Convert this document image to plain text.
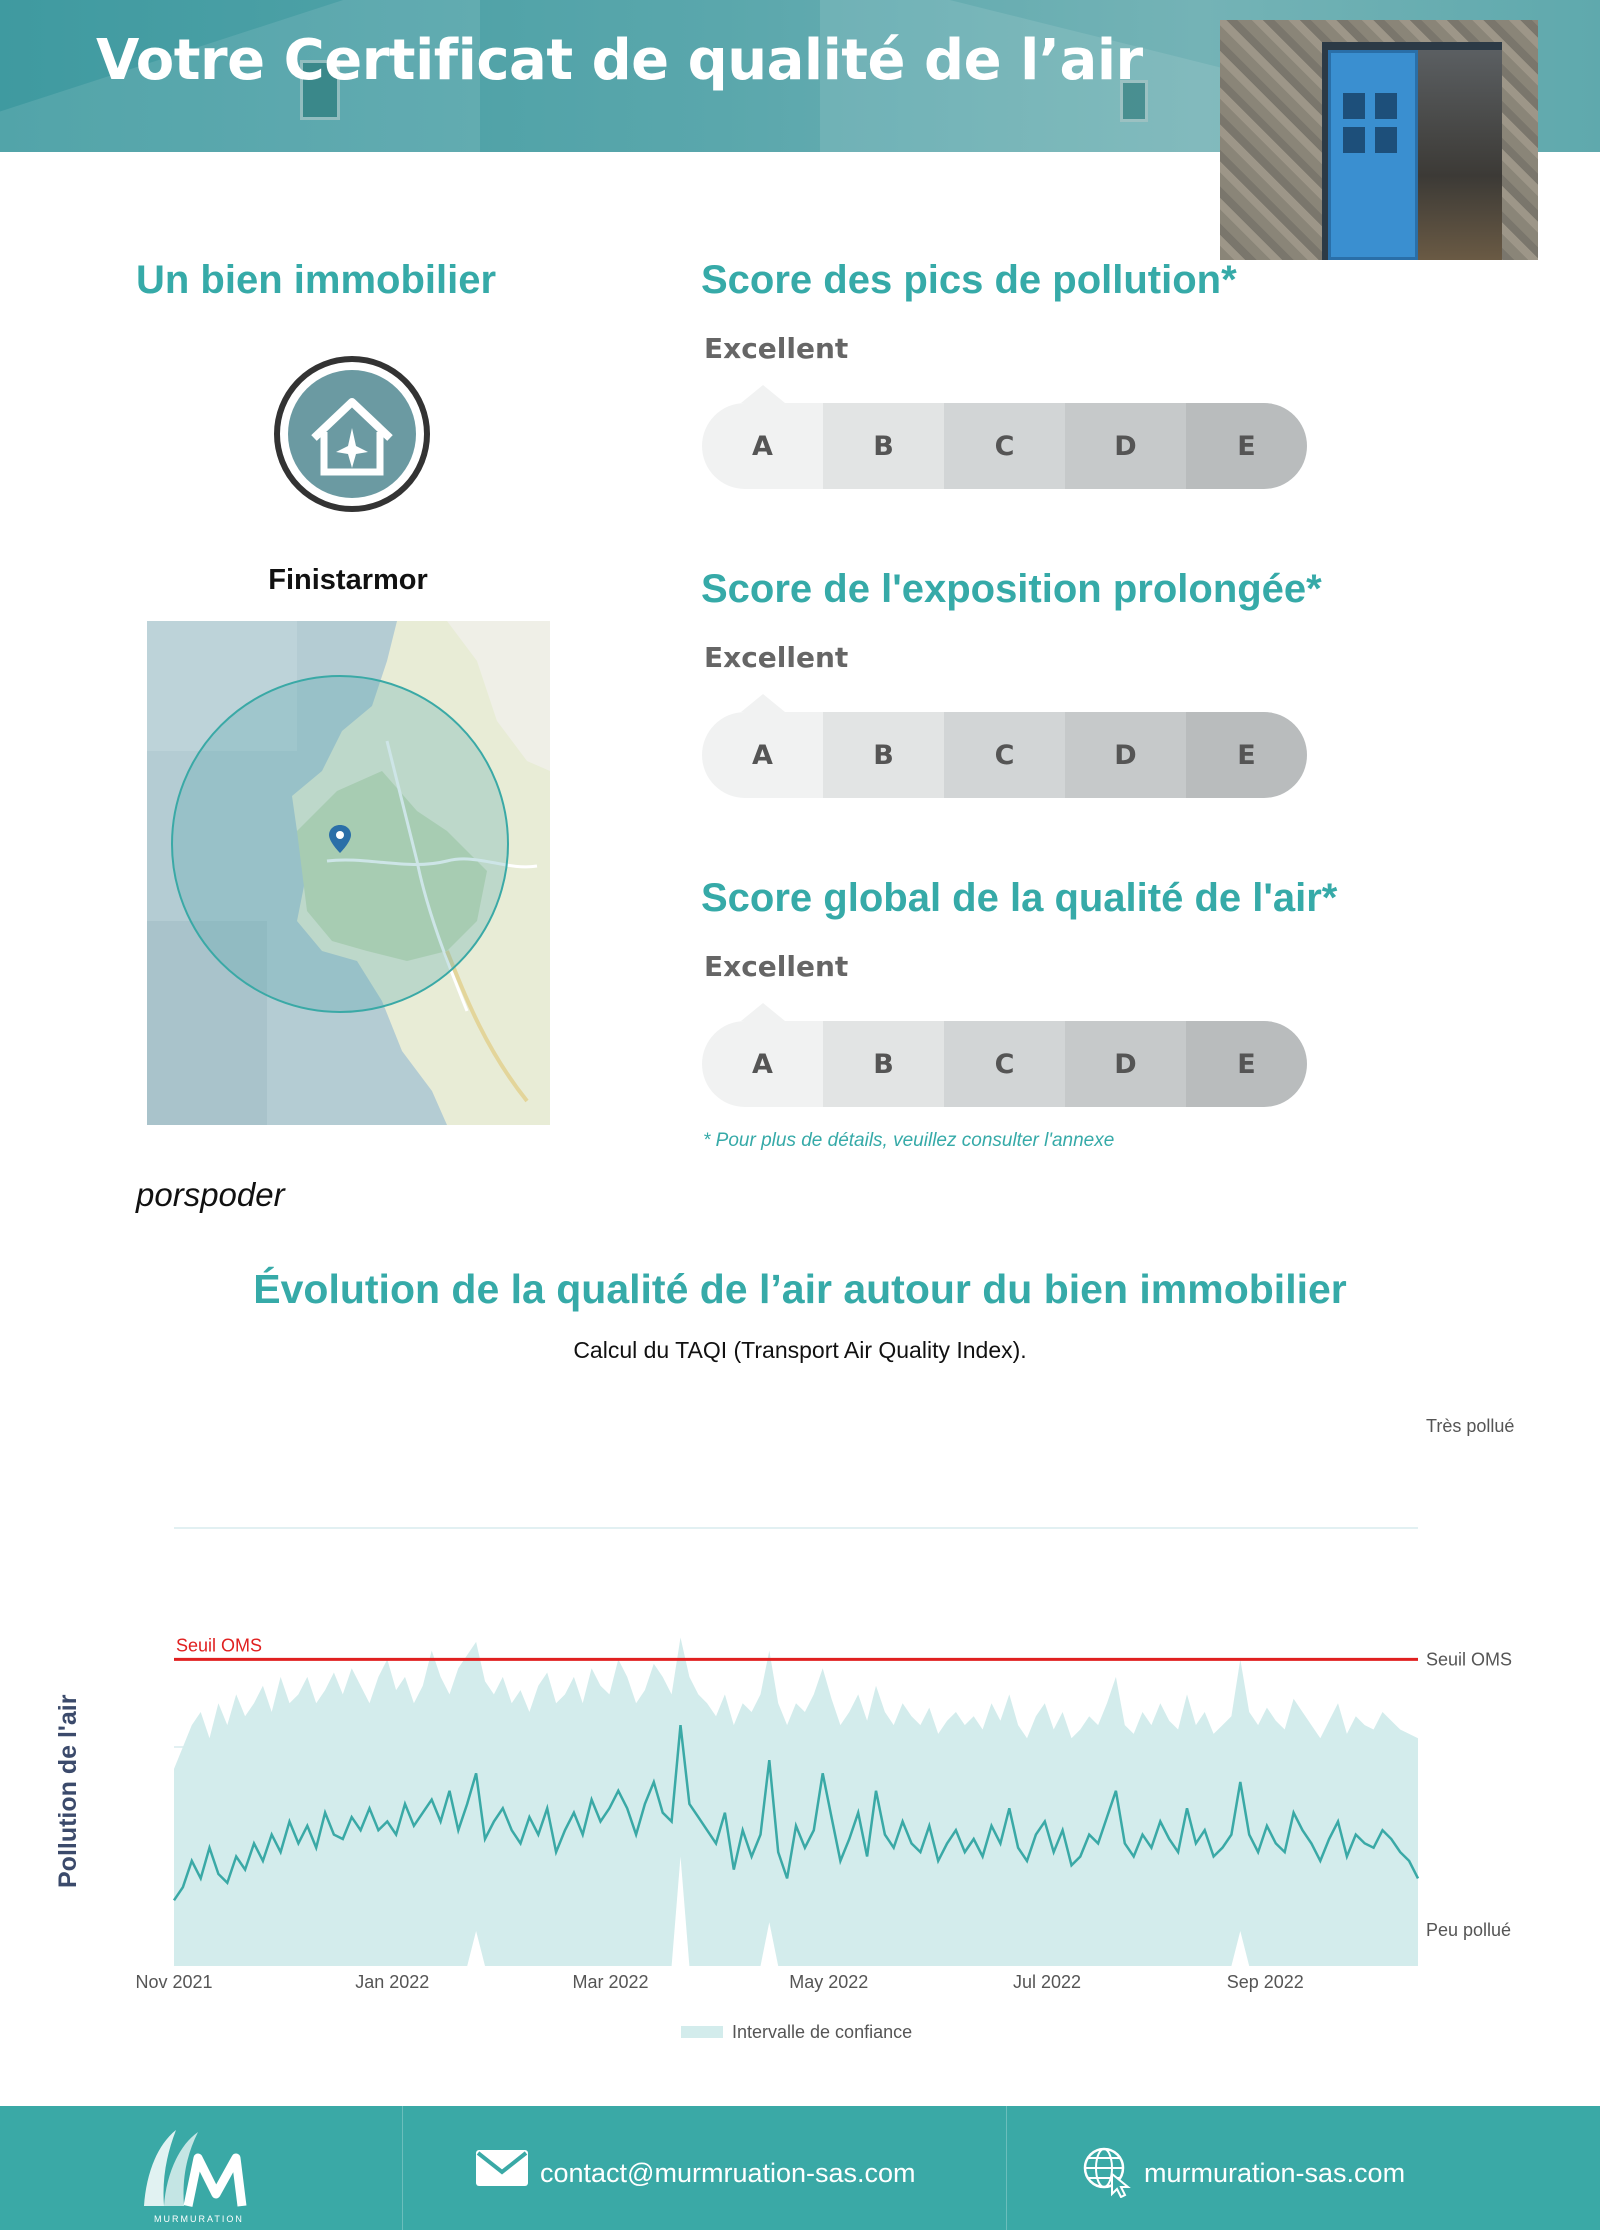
Votre Certificat de qualité de l’air
Un bien immobilier
Finistarmor
porspoder
Score des pics de pollution*
Excellent
A	B	C	D	E
Score de l'exposition prolongée*
Excellent
A	B	C	D	E
Score global de la qualité de l'air*
Excellent
A	B	C	D	E
* Pour plus de détails, veuillez consulter l'annexe
Évolution de la qualité de l’air autour du bien immobilier
Calcul du TAQI (Transport Air Quality Index).
Seuil OMS
Seuil OMS
Très pollué
Peu pollué
Pollution de l'air
Nov 2021	Jan 2022	Mar 2022	May 2022	Jul 2022	Sep 2022
Intervalle de confiance
MURMURATION
contact@murmruation-sas.com	murmuration-sas.com
